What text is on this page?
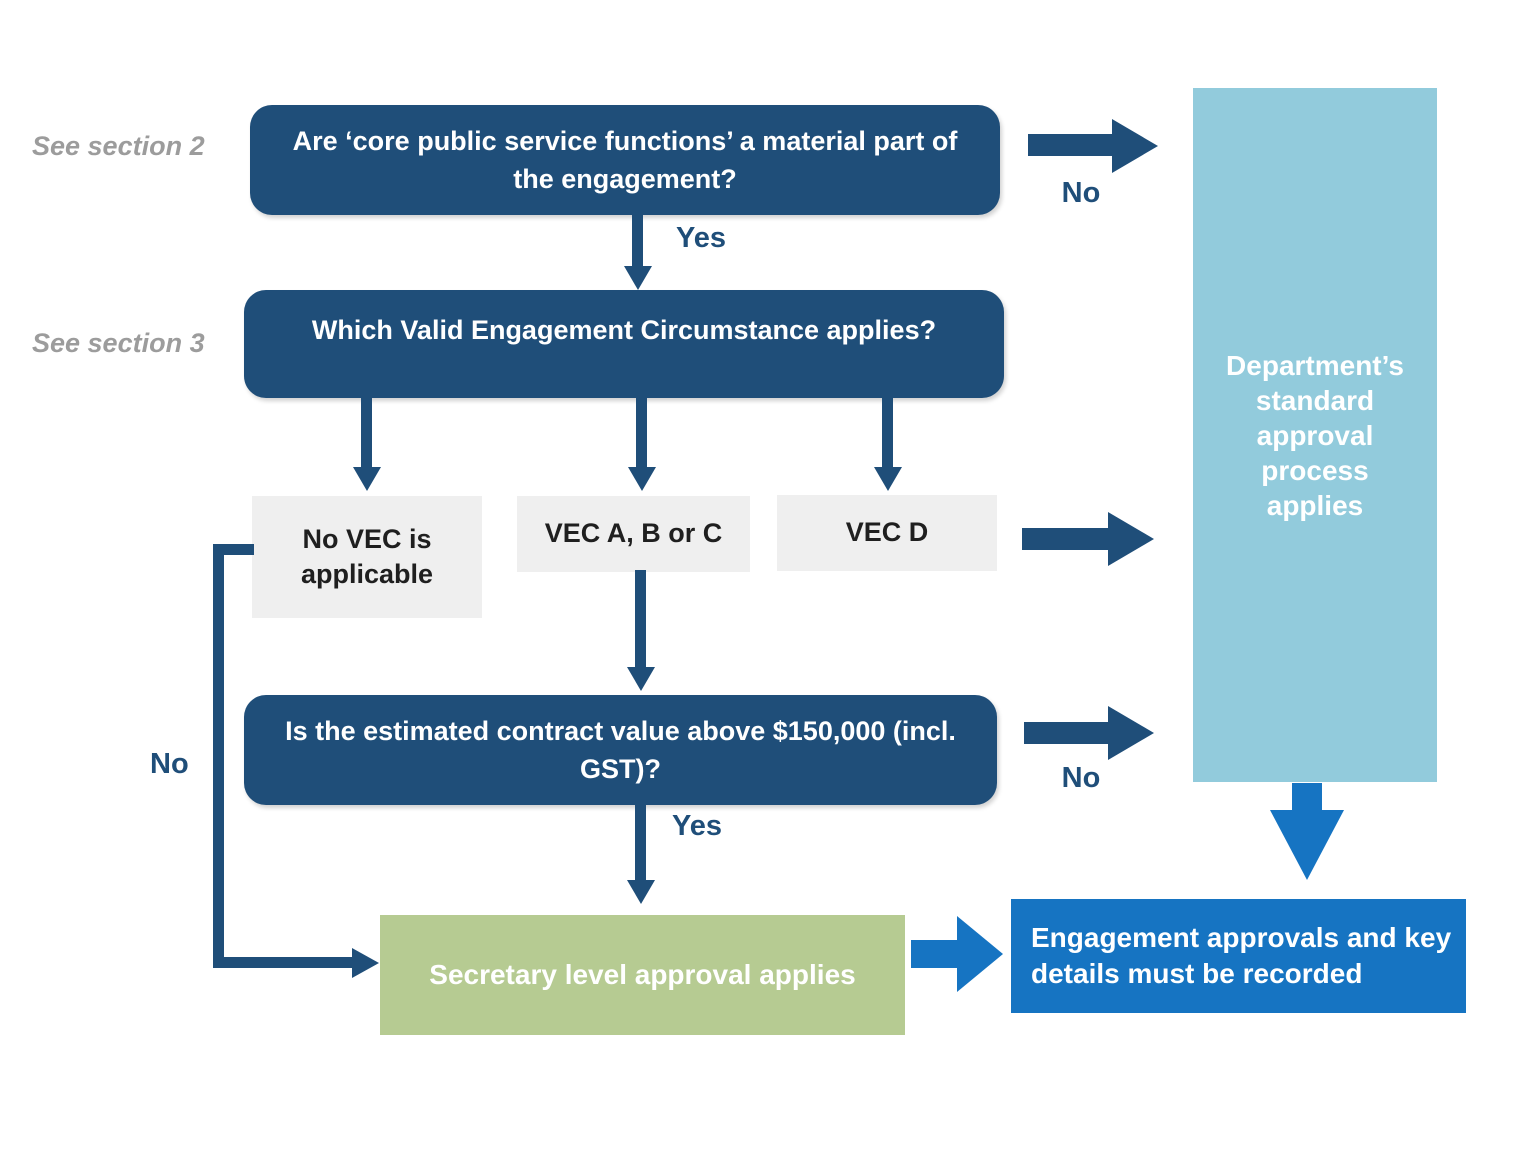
See section 2
See section 3
Are ‘core public service functions’ a material part of the engagement?	No
Yes
Which Valid Engagement Circumstance applies?
No VEC is applicable
VEC A, B or C	VEC D
Is the estimated contract value above $150,000 (incl. GST)?	No
Yes
No
Secretary level approval applies
Department’s standard approval process applies
Engagement approvals and key details must be recorded
